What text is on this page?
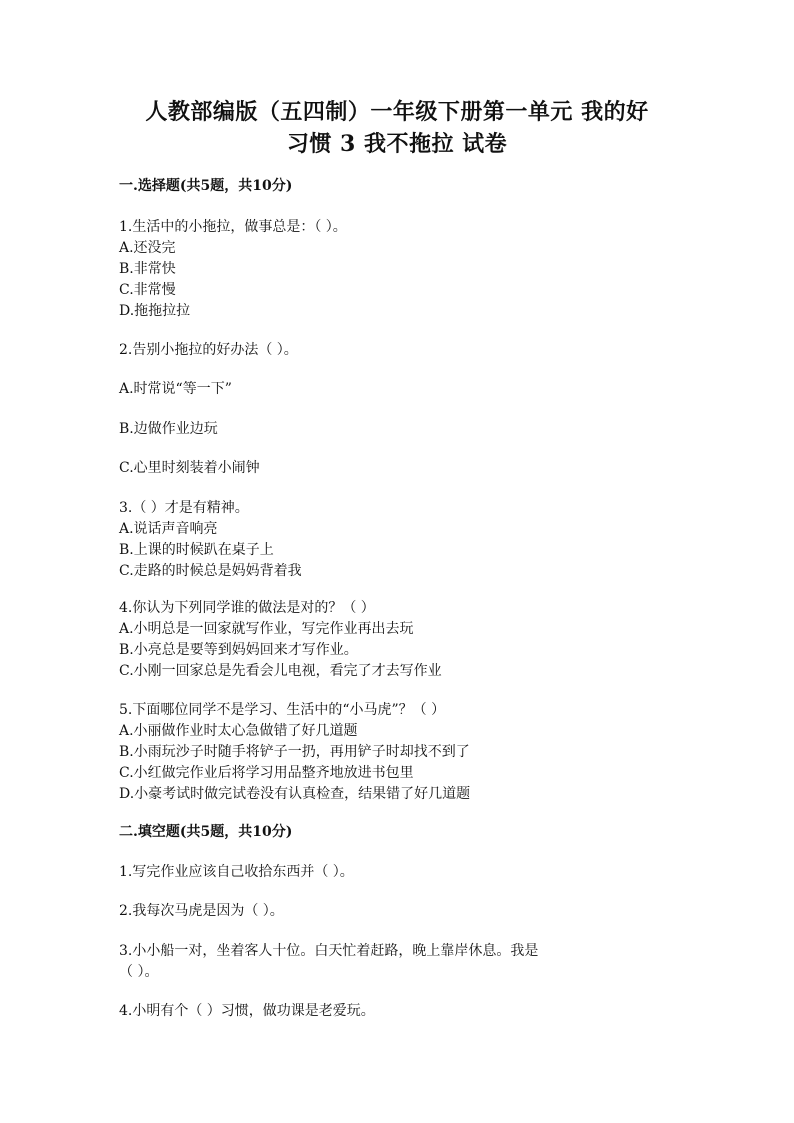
人教部编版（五四制）一年级下册第一单元 我的好
习惯 3 我不拖拉 试卷
一.选择题(共5题，共10分)
1.生活中的小拖拉，做事总是：（ ）。
A.还没完
B.非常快
C.非常慢
D.拖拖拉拉
2.告别小拖拉的好办法（ ）。
A.时常说“等一下”
B.边做作业边玩
C.心里时刻装着小闹钟
3.（ ）才是有精神。
A.说话声音响亮
B.上课的时候趴在桌子上
C.走路的时候总是妈妈背着我
4.你认为下列同学谁的做法是对的？（ ）
A.小明总是一回家就写作业，写完作业再出去玩
B.小亮总是要等到妈妈回来才写作业。
C.小刚一回家总是先看会儿电视，看完了才去写作业
5.下面哪位同学不是学习、生活中的“小马虎”？（ ）
A.小丽做作业时太心急做错了好几道题
B.小雨玩沙子时随手将铲子一扔，再用铲子时却找不到了
C.小红做完作业后将学习用品整齐地放进书包里
D.小豪考试时做完试卷没有认真检查，结果错了好几道题
二.填空题(共5题，共10分)
1.写完作业应该自己收拾东西并（ ）。
2.我每次马虎是因为（ ）。
3.小小船一对，坐着客人十位。白天忙着赶路，晚上靠岸休息。我是
（ ）。
4.小明有个（ ）习惯，做功课是老爱玩。
